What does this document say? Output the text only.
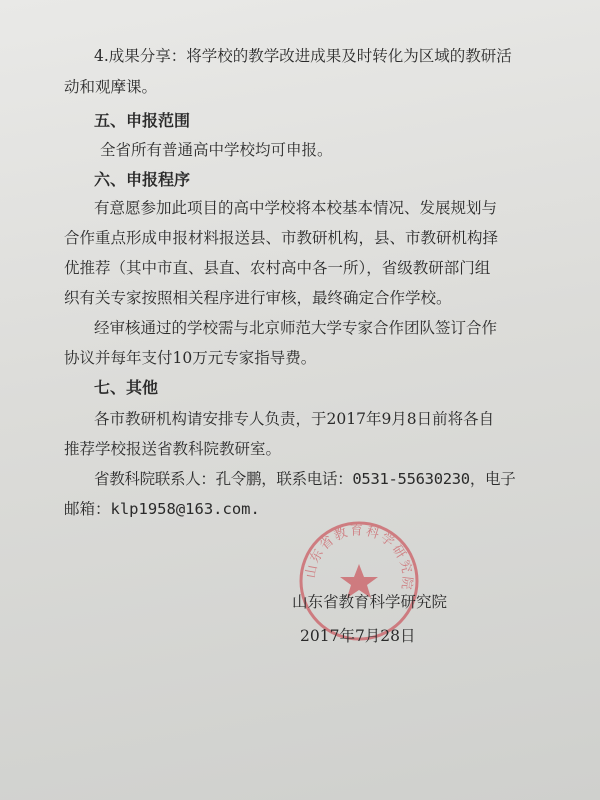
4.成果分享：将学校的教学改进成果及时转化为区域的教研活
动和观摩课。
五、申报范围
全省所有普通高中学校均可申报。
六、申报程序
有意愿参加此项目的高中学校将本校基本情况、发展规划与
合作重点形成申报材料报送县、市教研机构，县、市教研机构择
优推荐（其中市直、县直、农村高中各一所），省级教研部门组
织有关专家按照相关程序进行审核，最终确定合作学校。
经审核通过的学校需与北京师范大学专家合作团队签订合作
协议并每年支付10万元专家指导费。
七、其他
各市教研机构请安排专人负责，于2017年9月8日前将各自
推荐学校报送省教科院教研室。
省教科院联系人：孔令鹏，联系电话：0531-55630230，电子
邮箱：klp1958@163.com.
山东省教育科学研究院
山东省教育科学研究院
2017年7月28日
